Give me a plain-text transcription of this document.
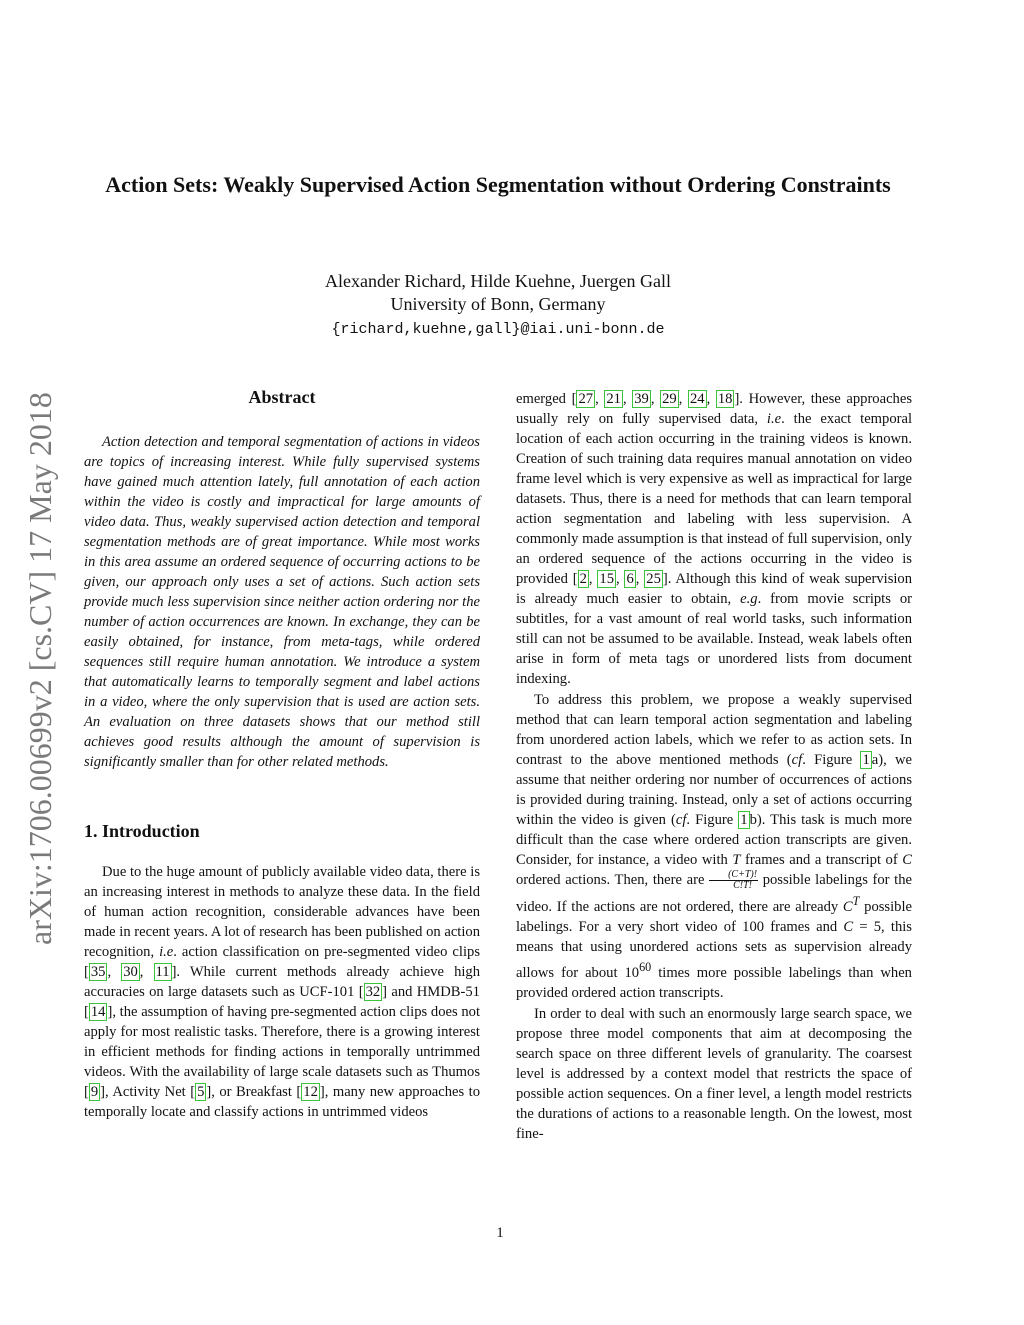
Action Sets: Weakly Supervised Action Segmentation without Ordering Constraints
Alexander Richard, Hilde Kuehne, Juergen Gall
University of Bonn, Germany
{richard,kuehne,gall}@iai.uni-bonn.de
arXiv:1706.00699v2 [cs.CV] 17 May 2018	Abstract

Action detection and temporal segmentation of actions in videos are topics of increasing interest. While fully supervised systems have gained much attention lately, full annotation of each action within the video is costly and impractical for large amounts of video data. Thus, weakly supervised action detection and temporal segmentation methods are of great importance. While most works in this area assume an ordered sequence of occurring actions to be given, our approach only uses a set of actions. Such action sets provide much less supervision since neither action ordering nor the number of action occurrences are known. In exchange, they can be easily obtained, for instance, from meta-tags, while ordered sequences still require human annotation. We introduce a system that automatically learns to temporally segment and label actions in a video, where the only supervision that is used are action sets. An evaluation on three datasets shows that our method still achieves good results although the amount of supervision is significantly smaller than for other related methods.

1. Introduction

Due to the huge amount of publicly available video data, there is an increasing interest in methods to analyze these data. In the field of human action recognition, considerable advances have been made in recent years. A lot of research has been published on action recognition, i.e. action classification on pre-segmented video clips [ 35 , 30 , 11 ]. While current methods already achieve high accuracies on large datasets such as UCF-101 [ 32 ] and HMDB-51 [ 14 ], the assumption of having pre-segmented action clips does not apply for most realistic tasks. Therefore, there is a growing interest in efficient methods for finding actions in temporally untrimmed videos. With the availability of large scale datasets such as Thumos [ 9 ], Activity Net [ 5 ], or Breakfast [ 12 ], many new approaches to temporally locate and classify actions in untrimmed videos

emerged [ 27 , 21 , 39 , 29 , 24 , 18 ]. However, these approaches usually rely on fully supervised data, i.e. the exact temporal location of each action occurring in the training videos is known. Creation of such training data requires manual annotation on video frame level which is very expensive as well as impractical for large datasets. Thus, there is a need for methods that can learn temporal action segmentation and labeling with less supervision. A commonly made assumption is that instead of full supervision, only an ordered sequence of the actions occurring in the video is provided [ 2 , 15 , 6 , 25 ]. Although this kind of weak supervision is already much easier to obtain, e.g. from movie scripts or subtitles, for a vast amount of real world tasks, such information still can not be assumed to be available. Instead, weak labels often arise in form of meta tags or unordered lists from document indexing.

To address this problem, we propose a weakly supervised method that can learn temporal action segmentation and labeling from unordered action labels, which we refer to as action sets. In contrast to the above mentioned methods (cf. Figure 1 a), we assume that neither ordering nor number of occurrences of actions is provided during training. Instead, only a set of actions occurring within the video is given (cf. Figure 1 b). This task is much more difficult than the case where ordered action transcripts are given. Consider, for instance, a video with T frames and a transcript of C ordered actions. Then, there are $\frac{(C+T)!}{C!T!}$ possible labelings for the video. If the actions are not ordered, there are already $C^T$ possible labelings. For a very short video of 100 frames and C = 5, this means that using unordered actions sets as supervision already allows for about $10^{60}$ times more possible labelings than when provided ordered action transcripts.

In order to deal with such an enormously large search space, we propose three model components that aim at decomposing the search space on three different levels of granularity. The coarsest level is addressed by a context model that restricts the space of possible action sequences. On a finer level, a length model restricts the durations of actions to a reasonable length. On the lowest, most fine-

1
